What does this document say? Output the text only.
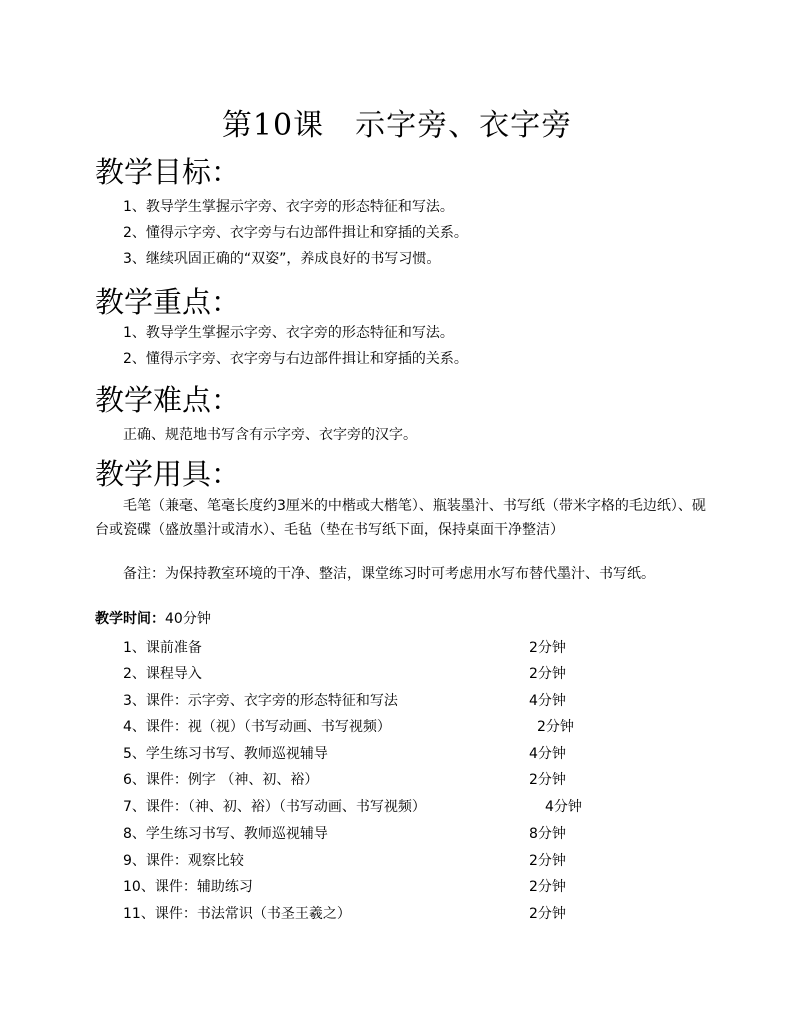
第10课　示字旁、衣字旁
教学目标：
1、教导学生掌握示字旁、衣字旁的形态特征和写法。
2、懂得示字旁、衣字旁与右边部件揖让和穿插的关系。
3、继续巩固正确的“双姿”，养成良好的书写习惯。
教学重点：
1、教导学生掌握示字旁、衣字旁的形态特征和写法。
2、懂得示字旁、衣字旁与右边部件揖让和穿插的关系。
教学难点：
正确、规范地书写含有示字旁、衣字旁的汉字。
教学用具：
毛笔（兼毫、笔毫长度约3厘米的中楷或大楷笔）、瓶装墨汁、书写纸（带米字格的毛边纸）、砚台或瓷碟（盛放墨汁或清水）、毛毡（垫在书写纸下面，保持桌面干净整洁）
备注：为保持教室环境的干净、整洁，课堂练习时可考虑用水写布替代墨汁、书写纸。
教学时间：40分钟
1、课前准备	2分钟
2、课程导入	2分钟
3、课件：示字旁、衣字旁的形态特征和写法	4分钟
4、课件：视（视）（书写动画、书写视频）	2分钟
5、学生练习书写、教师巡视辅导	4分钟
6、课件：例字 （神、初、裕）	2分钟
7、课件：（神、初、裕）（书写动画、书写视频）	4分钟
8、学生练习书写、教师巡视辅导	8分钟
9、课件：观察比较	2分钟
10、课件：辅助练习	2分钟
11、课件：书法常识（书圣王羲之）	2分钟
